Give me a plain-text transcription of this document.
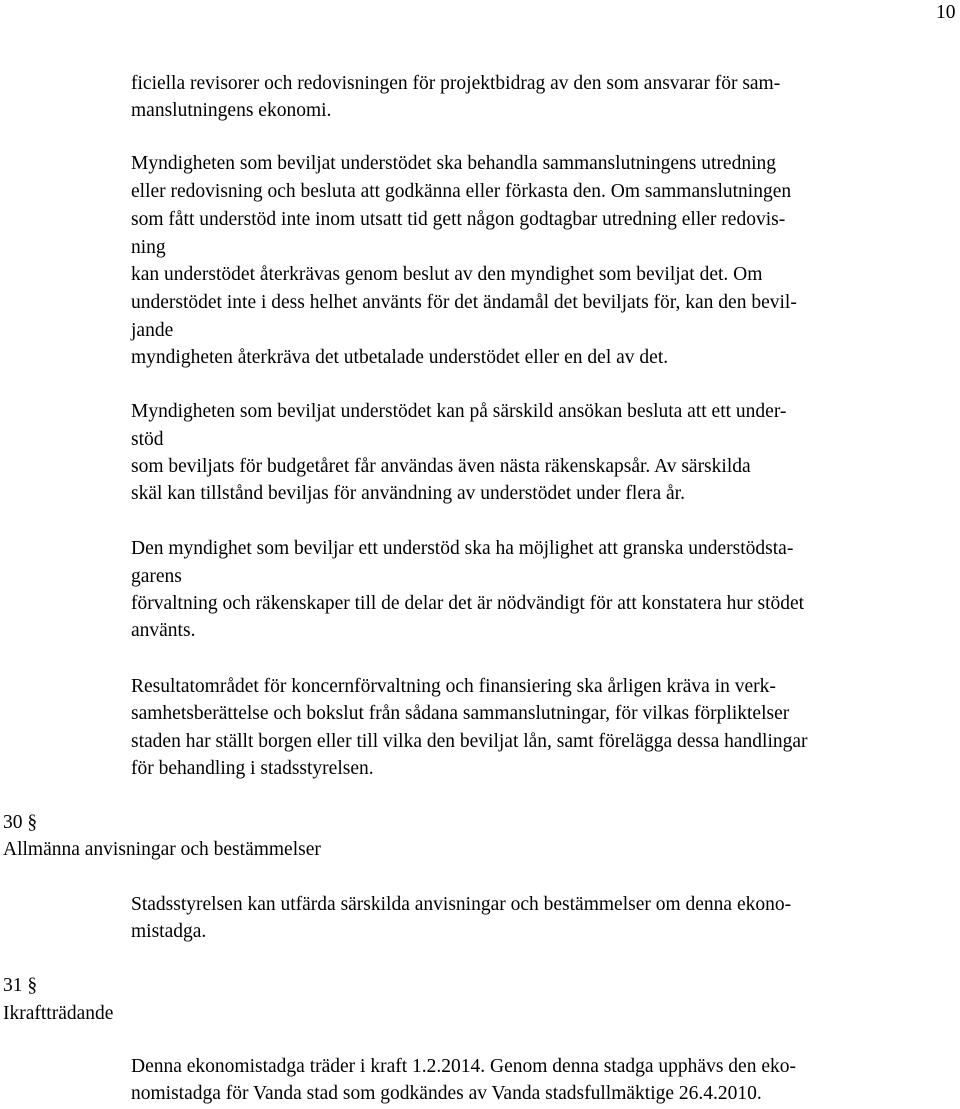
10
ficiella revisorer och redovisningen för projektbidrag av den som ansvarar för sam-
manslutningens ekonomi.
Myndigheten som beviljat understödet ska behandla sammanslutningens utredning
eller redovisning och besluta att godkänna eller förkasta den. Om sammanslutningen
som fått understöd inte inom utsatt tid gett någon godtagbar utredning eller redovis-
ning
kan understödet återkrävas genom beslut av den myndighet som beviljat det. Om
understödet inte i dess helhet använts för det ändamål det beviljats för, kan den bevil-
jande
myndigheten återkräva det utbetalade understödet eller en del av det.
Myndigheten som beviljat understödet kan på särskild ansökan besluta att ett under-
stöd
som beviljats för budgetåret får användas även nästa räkenskapsår. Av särskilda
skäl kan tillstånd beviljas för användning av understödet under flera år.
Den myndighet som beviljar ett understöd ska ha möjlighet att granska understödsta-
garens
förvaltning och räkenskaper till de delar det är nödvändigt för att konstatera hur stödet
använts.
Resultatområdet för koncernförvaltning och finansiering ska årligen kräva in verk-
samhetsberättelse och bokslut från sådana sammanslutningar, för vilkas förpliktelser
staden har ställt borgen eller till vilka den beviljat lån, samt förelägga dessa handlingar
för behandling i stadsstyrelsen.
30 §
Allmänna anvisningar och bestämmelser
Stadsstyrelsen kan utfärda särskilda anvisningar och bestämmelser om denna ekono-
mistadga.
31 §
Ikraftträdande
Denna ekonomistadga träder i kraft 1.2.2014. Genom denna stadga upphävs den eko-
nomistadga för Vanda stad som godkändes av Vanda stadsfullmäktige 26.4.2010.
